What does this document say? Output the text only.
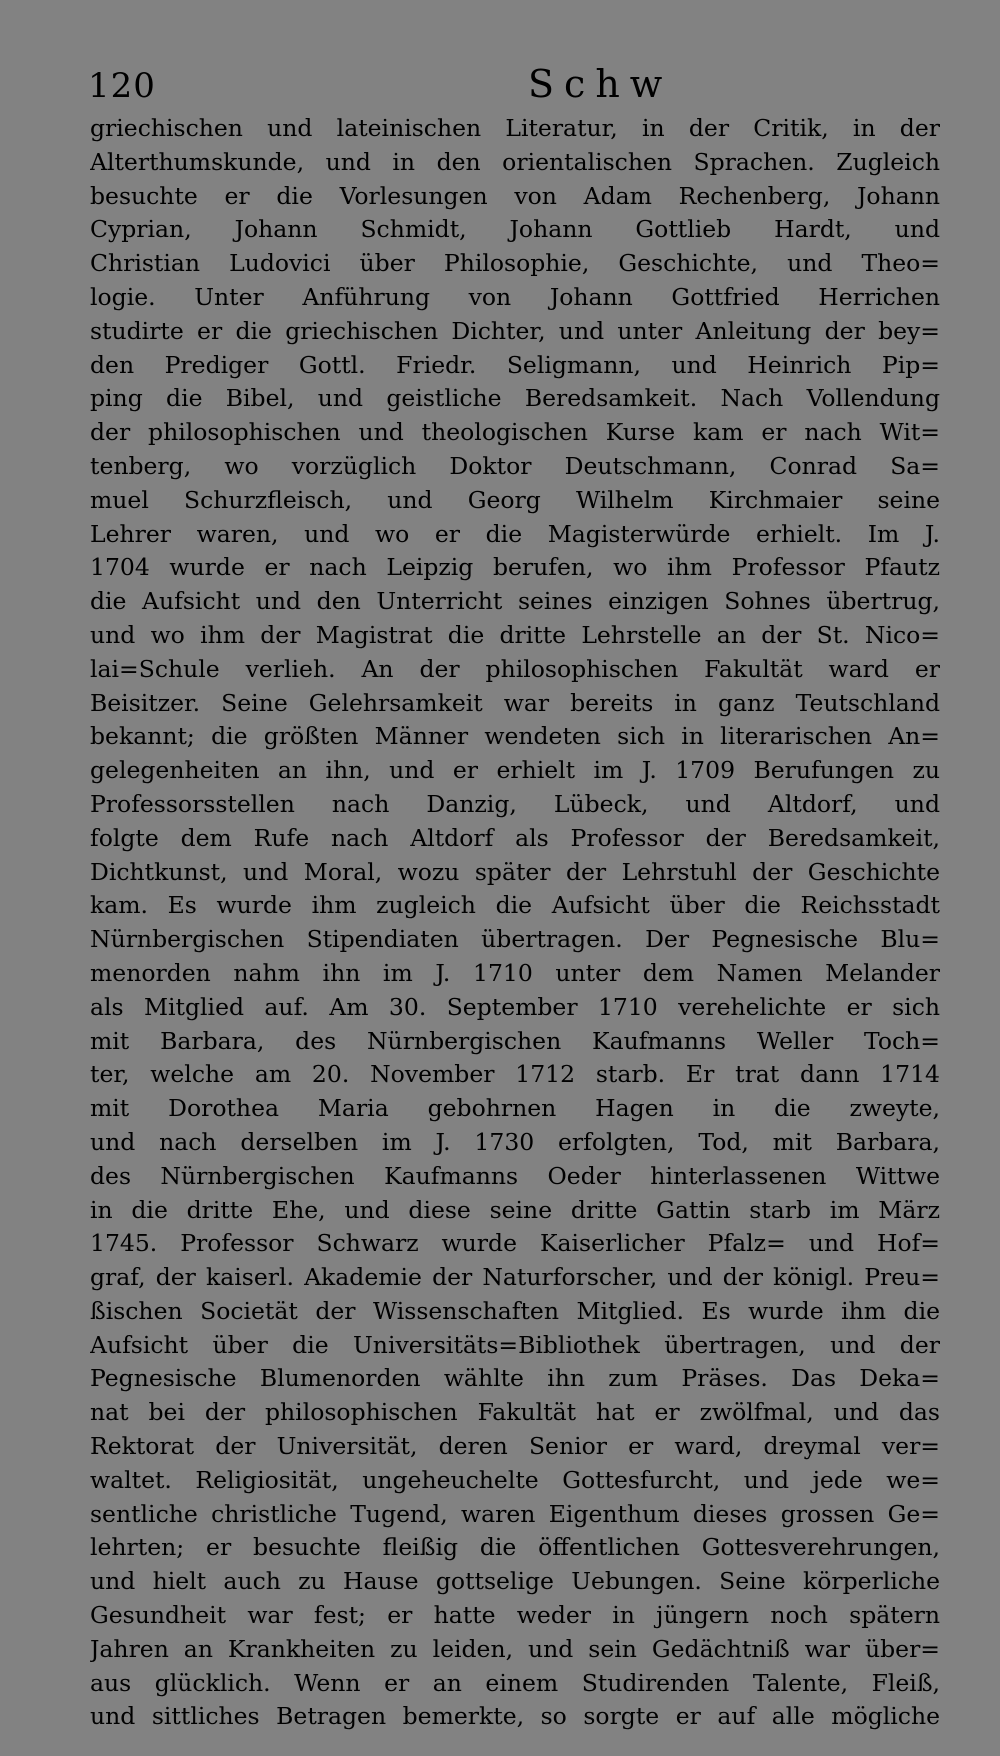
120	Schw
griechischen und lateinischen Literatur, in der Critik, in der
Alterthumskunde, und in den orientalischen Sprachen. Zugleich
besuchte er die Vorlesungen von Adam Rechenberg, Johann
Cyprian, Johann Schmidt, Johann Gottlieb Hardt, und
Christian Ludovici über Philosophie, Geschichte, und Theo=
logie. Unter Anführung von Johann Gottfried Herrichen
studirte er die griechischen Dichter, und unter Anleitung der bey=
den Prediger Gottl. Friedr. Seligmann, und Heinrich Pip=
ping die Bibel, und geistliche Beredsamkeit. Nach Vollendung
der philosophischen und theologischen Kurse kam er nach Wit=
tenberg, wo vorzüglich Doktor Deutschmann, Conrad Sa=
muel Schurzfleisch, und Georg Wilhelm Kirchmaier seine
Lehrer waren, und wo er die Magisterwürde erhielt. Im J.
1704 wurde er nach Leipzig berufen, wo ihm Professor Pfautz
die Aufsicht und den Unterricht seines einzigen Sohnes übertrug,
und wo ihm der Magistrat die dritte Lehrstelle an der St. Nico=
lai=Schule verlieh. An der philosophischen Fakultät ward er
Beisitzer. Seine Gelehrsamkeit war bereits in ganz Teutschland
bekannt; die größten Männer wendeten sich in literarischen An=
gelegenheiten an ihn, und er erhielt im J. 1709 Berufungen zu
Professorsstellen nach Danzig, Lübeck, und Altdorf, und
folgte dem Rufe nach Altdorf als Professor der Beredsamkeit,
Dichtkunst, und Moral, wozu später der Lehrstuhl der Geschichte
kam. Es wurde ihm zugleich die Aufsicht über die Reichsstadt
Nürnbergischen Stipendiaten übertragen. Der Pegnesische Blu=
menorden nahm ihn im J. 1710 unter dem Namen Melander
als Mitglied auf. Am 30. September 1710 verehelichte er sich
mit Barbara, des Nürnbergischen Kaufmanns Weller Toch=
ter, welche am 20. November 1712 starb. Er trat dann 1714
mit Dorothea Maria gebohrnen Hagen in die zweyte,
und nach derselben im J. 1730 erfolgten, Tod, mit Barbara,
des Nürnbergischen Kaufmanns Oeder hinterlassenen Wittwe
in die dritte Ehe, und diese seine dritte Gattin starb im März
1745. Professor Schwarz wurde Kaiserlicher Pfalz= und Hof=
graf, der kaiserl. Akademie der Naturforscher, und der königl. Preu=
ßischen Societät der Wissenschaften Mitglied. Es wurde ihm die
Aufsicht über die Universitäts=Bibliothek übertragen, und der
Pegnesische Blumenorden wählte ihn zum Präses. Das Deka=
nat bei der philosophischen Fakultät hat er zwölfmal, und das
Rektorat der Universität, deren Senior er ward, dreymal ver=
waltet. Religiosität, ungeheuchelte Gottesfurcht, und jede we=
sentliche christliche Tugend, waren Eigenthum dieses grossen Ge=
lehrten; er besuchte fleißig die öffentlichen Gottesverehrungen,
und hielt auch zu Hause gottselige Uebungen. Seine körperliche
Gesundheit war fest; er hatte weder in jüngern noch spätern
Jahren an Krankheiten zu leiden, und sein Gedächtniß war über=
aus glücklich. Wenn er an einem Studirenden Talente, Fleiß,
und sittliches Betragen bemerkte, so sorgte er auf alle mögliche
